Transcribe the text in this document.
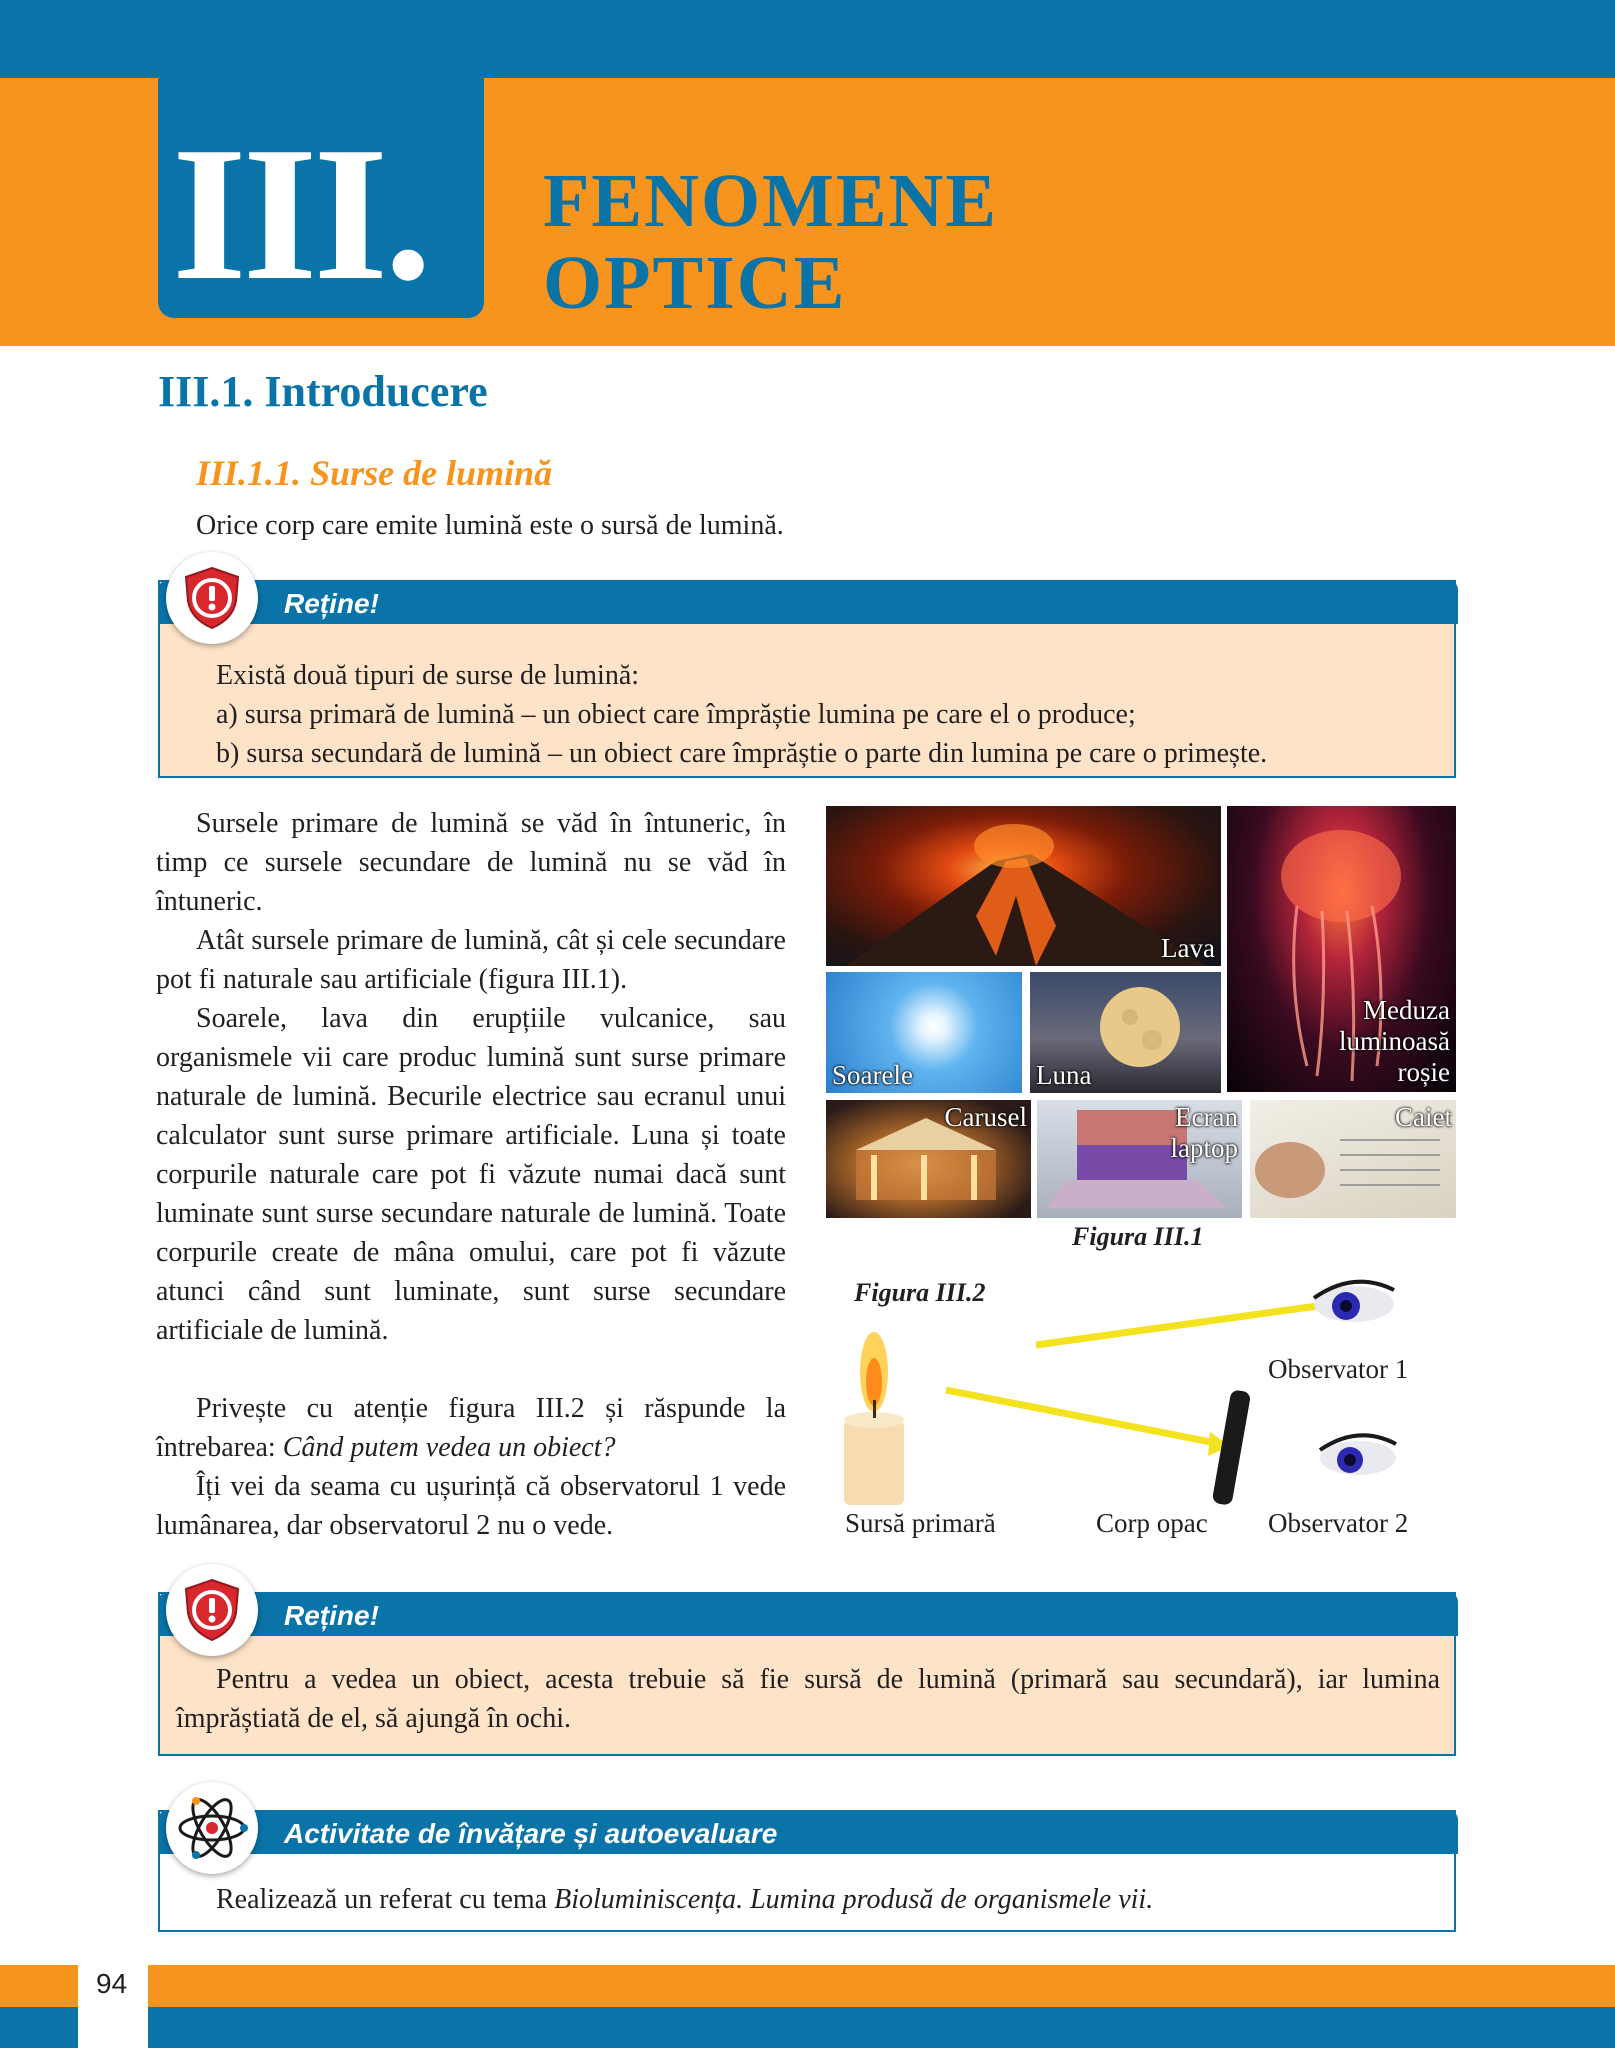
III. FENOMENE
OPTICE
III.1. Introducere
III.1.1. Surse de lumină
Orice corp care emite lumină este o sursă de lumină.
Reține!
Există două tipuri de surse de lumină:
a) sursa primară de lumină – un obiect care împrăștie lumina pe care el o produce;
b) sursa secundară de lumină – un obiect care împrăștie o parte din lumina pe care o primește.

Sursele primare de lumină se văd în întuneric, în timp ce sursele secundare de lumină nu se văd în întuneric.

Atât sursele primare de lumină, cât și cele secundare pot fi naturale sau artificiale (figura III.1).

Soarele, lava din erupțiile vulcanice, sau organismele vii care produc lumină sunt surse primare naturale de lumină. Becurile electrice sau ecranul unui calculator sunt surse primare artificiale. Luna și toate corpurile naturale care pot fi văzute numai dacă sunt luminate sunt surse secundare naturale de lumină. Toate corpurile create de mâna omului, care pot fi văzute atunci când sunt luminate, sunt surse secundare artificiale de lumină.

Privește cu atenție figura III.2 și răspunde la întrebarea: Când putem vedea un obiect?

Îți vei da seama cu ușurință că observatorul 1 vede lumânarea, dar observatorul 2 nu o vede.

Lava
Meduza
luminoasă
roșie
Soarele	Luna
Carusel	Ecran
laptop
Caiet
Figura III.1
Figura III.2
Observator 1
Sursă primară	Corp opac Observator 2
Reține!
Pentru a vedea un obiect, acesta trebuie să fie sursă de lumină (primară sau secundară), iar lumina împrăștiată de el, să ajungă în ochi.
Activitate de învățare și autoevaluare
Realizează un referat cu tema Bioluminiscența. Lumina produsă de organismele vii.
94
